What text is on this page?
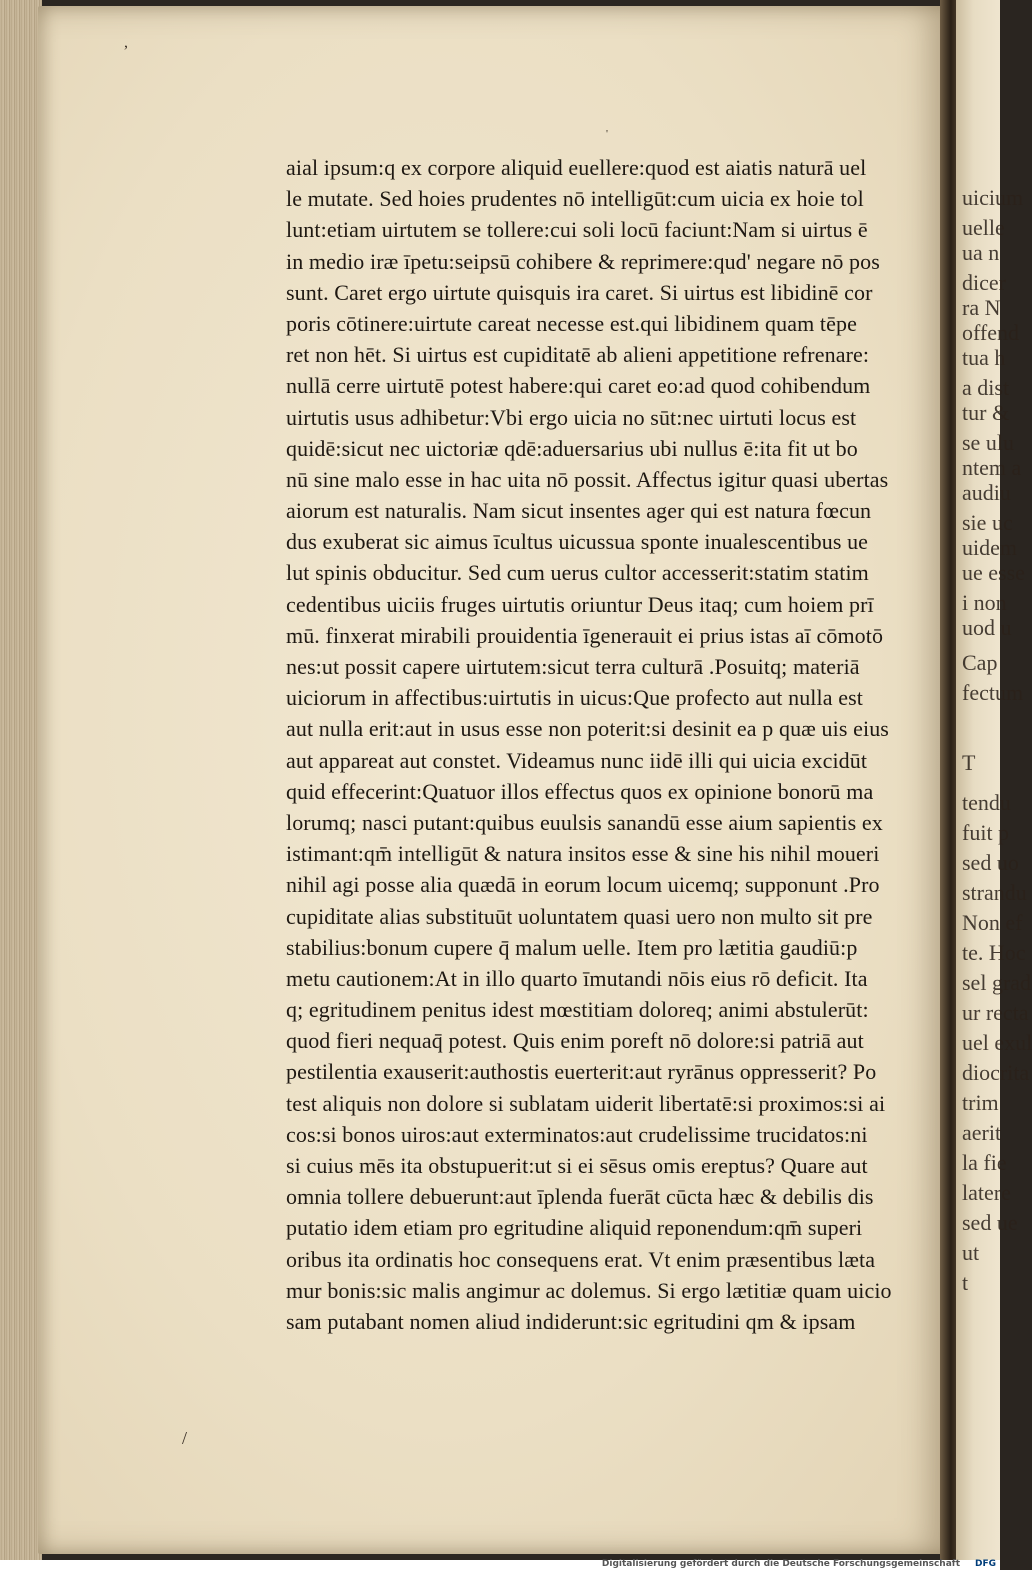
uicium
uelle
ua n
dicer
ra N
offend
tua h
a dist
tur &
se ulu
ntem a
audiu
sie uc
uidem
ue esse
i non
uod u
Cap
fectum
T
tendu
fuit p
sed uo
strandu
Non ef
te. Hoc
sel grad
ur recta
uel exul
diocrita
trim
aerit
la fie
latere
sed ue
ut
t
,
'
/
aial ipsum:q ex corpore aliquid euellere:quod est aiatis naturā uel
le mutate. Sed hoies prudentes nō intelligūt:cum uicia ex hoie tol
lunt:etiam uirtutem se tollere:cui soli locū faciunt:Nam si uirtus ē
in medio iræ īpetu:seipsū cohibere & reprimere:qud' negare nō pos
sunt. Caret ergo uirtute quisquis ira caret. Si uirtus est libidinē cor
poris cōtinere:uirtute careat necesse est.qui libidinem quam tēpe
ret non hēt. Si uirtus est cupiditatē ab alieni appetitione refrenare:
nullā cerre uirtutē potest habere:qui caret eo:ad quod cohibendum
uirtutis usus adhibetur:Vbi ergo uicia no sūt:nec uirtuti locus est
quidē:sicut nec uictoriæ qdē:aduersarius ubi nullus ē:ita fit ut bo
nū sine malo esse in hac uita nō possit. Affectus igitur quasi ubertas
aiorum est naturalis. Nam sicut insentes ager qui est natura fœcun
dus exuberat sic aimus īcultus uicussua sponte inualescentibus ue
lut spinis obducitur. Sed cum uerus cultor accesserit:statim statim
cedentibus uiciis fruges uirtutis oriuntur Deus itaq; cum hoiem prī
mū. finxerat mirabili prouidentia īgenerauit ei prius istas aī cōmotō
nes:ut possit capere uirtutem:sicut terra culturā .Posuitq; materiā
uiciorum in affectibus:uirtutis in uicus:Que profecto aut nulla est
aut nulla erit:aut in usus esse non poterit:si desinit ea p quæ uis eius
aut appareat aut constet. Videamus nunc iidē illi qui uicia excidūt
quid effecerint:Quatuor illos effectus quos ex opinione bonorū ma
lorumq; nasci putant:quibus euulsis sanandū esse aium sapientis ex
istimant:qm̄ intelligūt & natura insitos esse & sine his nihil moueri
nihil agi posse alia quædā in eorum locum uicemq; supponunt .Pro
cupiditate alias substituūt uoluntatem quasi uero non multo sit pre
stabilius:bonum cupere q̄ malum uelle. Item pro lætitia gaudiū:p
metu cautionem:At in illo quarto īmutandi nōis eius rō deficit. Ita
q; egritudinem penitus idest mœstitiam doloreq; animi abstulerūt:
quod fieri nequaq̄ potest. Quis enim poreft nō dolore:si patriā aut
pestilentia exauserit:authostis euerterit:aut ryrānus oppresserit? Po
test aliquis non dolore si sublatam uiderit libertatē:si proximos:si ai
cos:si bonos uiros:aut exterminatos:aut crudelissime trucidatos:ni
si cuius mēs ita obstupuerit:ut si ei sēsus omis ereptus? Quare aut
omnia tollere debuerunt:aut īplenda fuerāt cūcta hæc & debilis dis
putatio idem etiam pro egritudine aliquid reponendum:qm̄ superi
oribus ita ordinatis hoc consequens erat. Vt enim præsentibus læta
mur bonis:sic malis angimur ac dolemus. Si ergo lætitiæ quam uicio
sam putabant nomen aliud indiderunt:sic egritudini qm & ipsam
Digitalisierung gefördert durch die Deutsche Forschungsgemeinschaft DFG
